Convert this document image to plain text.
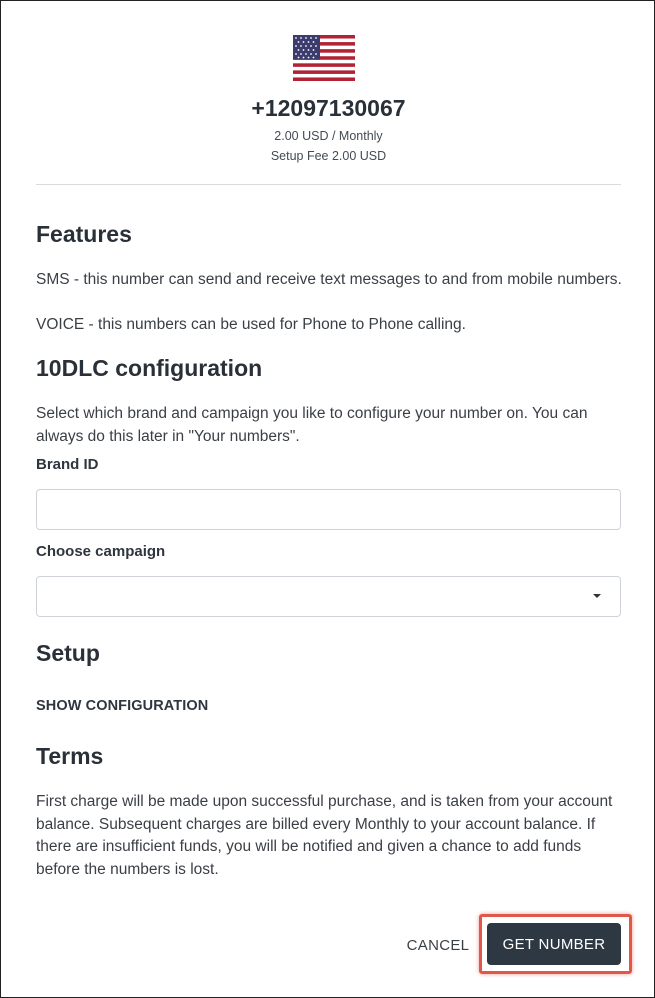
+12097130067
2.00 USD / Monthly
Setup Fee 2.00 USD
Features

SMS - this number can send and receive text messages to and from mobile numbers.

VOICE - this numbers can be used for Phone to Phone calling.

10DLC configuration

Select which brand and campaign you like to configure your number on. You can always do this later in "Your numbers".

Brand ID
Choose campaign
Setup
SHOW CONFIGURATION
Terms

First charge will be made upon successful purchase, and is taken from your account balance. Subsequent charges are billed every Monthly to your account balance. If there are insufficient funds, you will be notified and given a chance to add funds before the numbers is lost.

CANCEL	GET NUMBER
